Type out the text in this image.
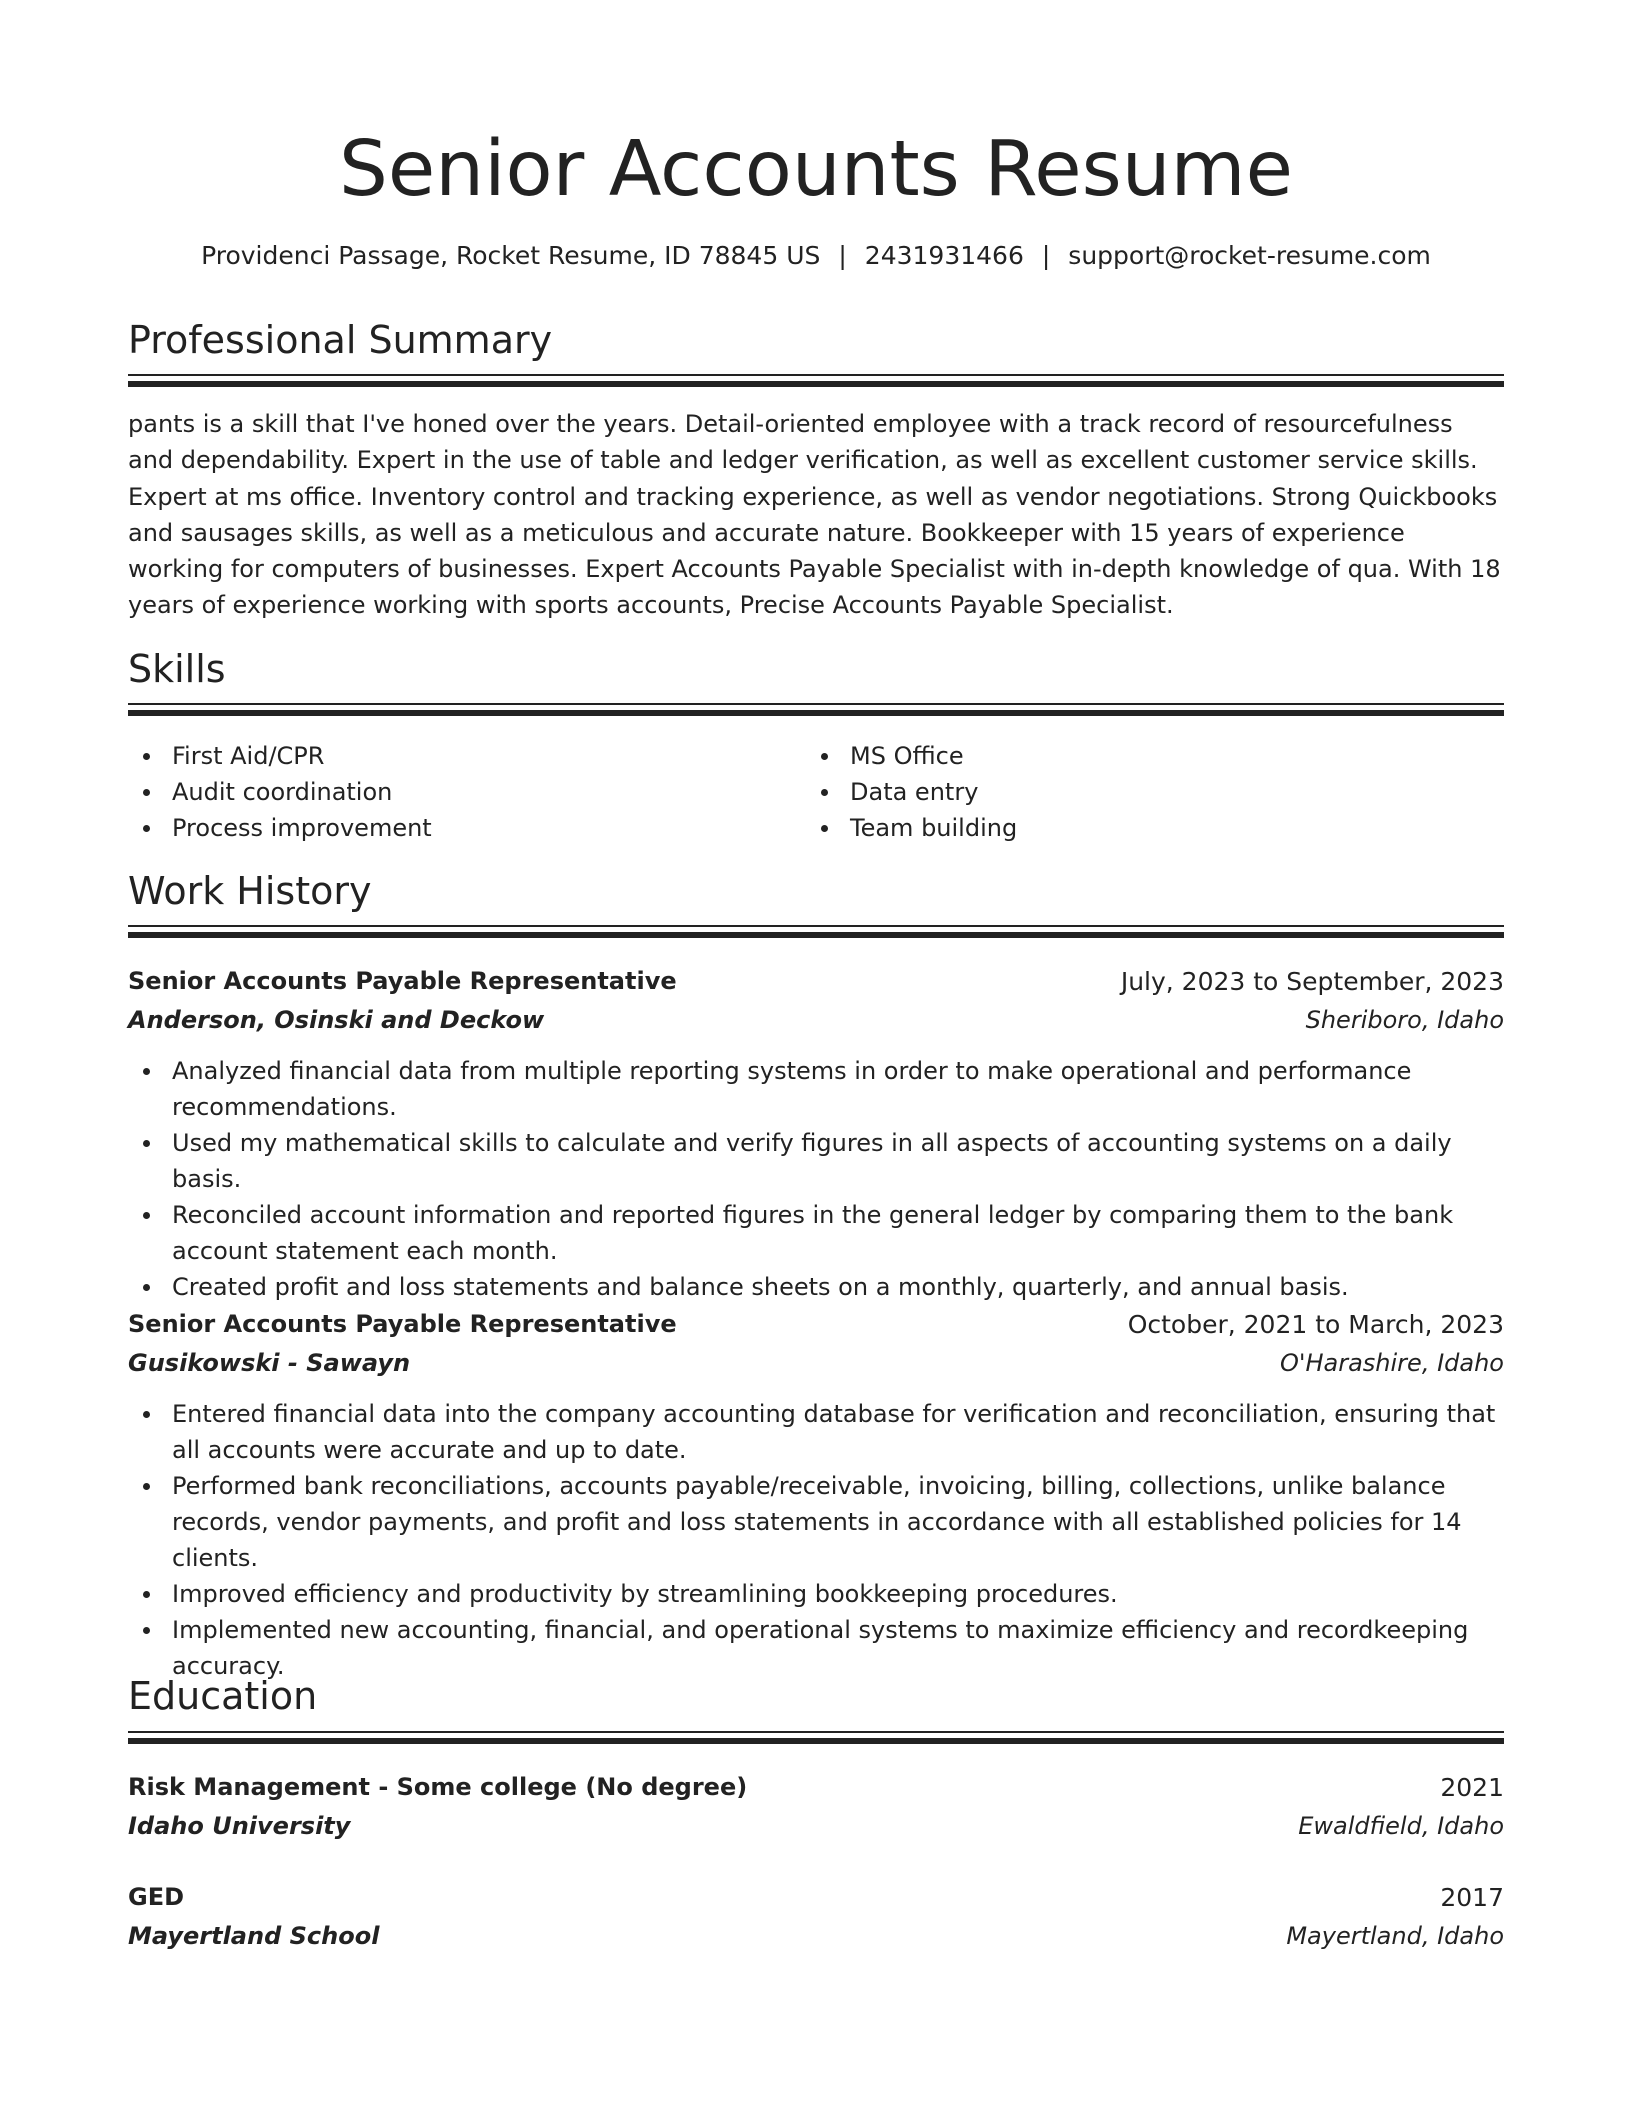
Senior Accounts Resume
Providenci Passage, Rocket Resume, ID 78845 US | 2431931466 | support@rocket-resume.com
Professional Summary

pants is a skill that I've honed over the years. Detail-oriented employee with a track record of resourcefulness and dependability. Expert in the use of table and ledger verification, as well as excellent customer service skills. Expert at ms office. Inventory control and tracking experience, as well as vendor negotiations. Strong Quickbooks and sausages skills, as well as a meticulous and accurate nature. Bookkeeper with 15 years of experience working for computers of businesses. Expert Accounts Payable Specialist with in-depth knowledge of qua. With 18 years of experience working with sports accounts, Precise Accounts Payable Specialist.

Skills
First Aid/CPR
Audit coordination
Process improvement
MS Office
Data entry
Team building
Work History
Senior Accounts Payable Representative	July, 2023 to September, 2023
Anderson, Osinski and Deckow	Sheriboro, Idaho
Analyzed financial data from multiple reporting systems in order to make operational and performance recommendations.
Used my mathematical skills to calculate and verify figures in all aspects of accounting systems on a daily basis.
Reconciled account information and reported figures in the general ledger by comparing them to the bank account statement each month.
Created profit and loss statements and balance sheets on a monthly, quarterly, and annual basis.
Senior Accounts Payable Representative	October, 2021 to March, 2023
Gusikowski - Sawayn	O'Harashire, Idaho
Entered financial data into the company accounting database for verification and reconciliation, ensuring that all accounts were accurate and up to date.
Performed bank reconciliations, accounts payable/receivable, invoicing, billing, collections, unlike balance records, vendor payments, and profit and loss statements in accordance with all established policies for 14 clients.
Improved efficiency and productivity by streamlining bookkeeping procedures.
Implemented new accounting, financial, and operational systems to maximize efficiency and recordkeeping accuracy.
Education
Risk Management - Some college (No degree)	2021
Idaho University	Ewaldfield, Idaho
GED	2017
Mayertland School	Mayertland, Idaho
